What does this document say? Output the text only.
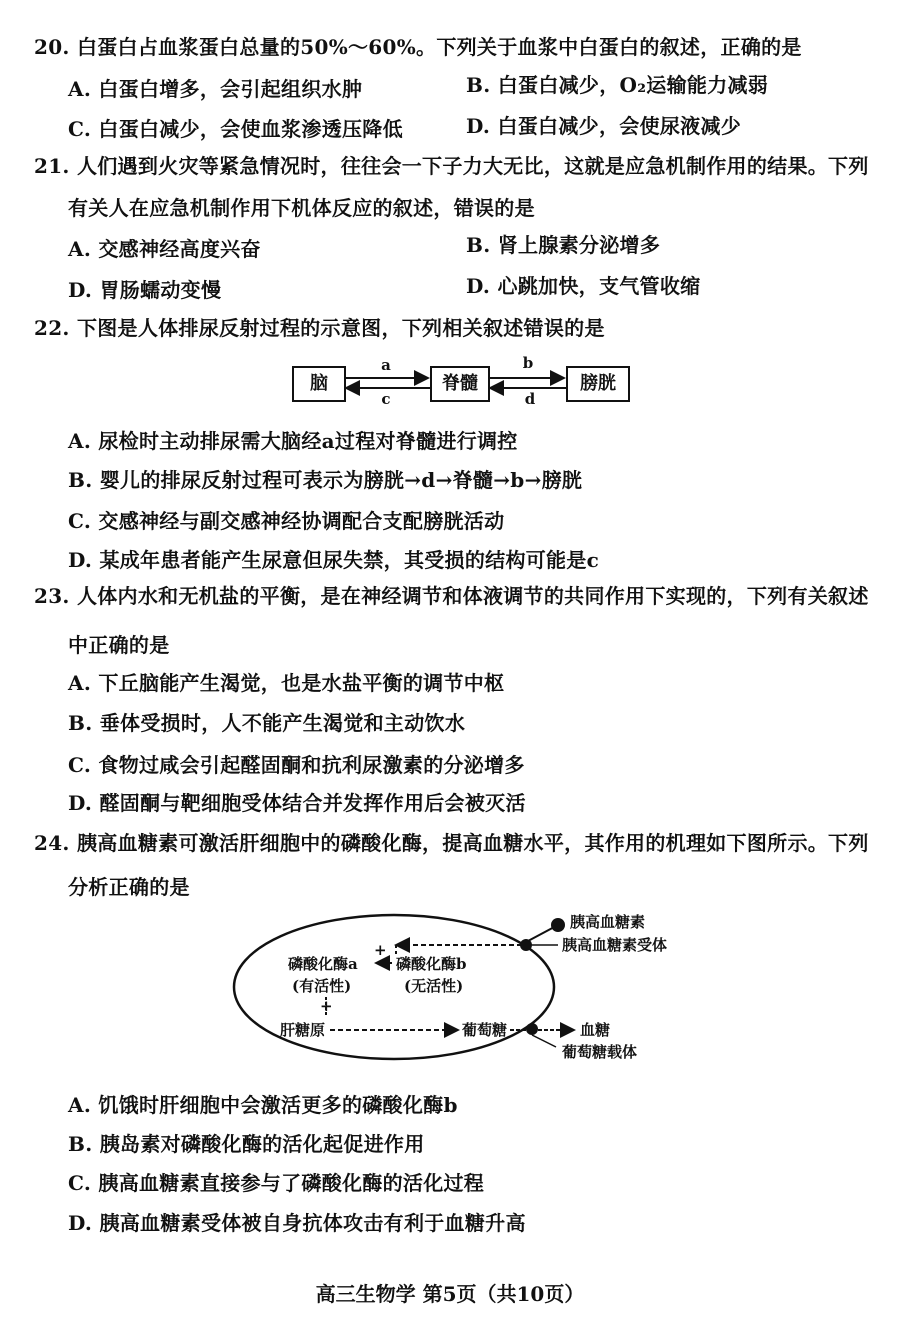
20. 白蛋白占血浆蛋白总量的50%～60%。下列关于血浆中白蛋白的叙述，正确的是
A. 白蛋白增多，会引起组织水肿	B. 白蛋白减少，O₂运输能力减弱
C. 白蛋白减少，会使血浆渗透压降低	D. 白蛋白减少，会使尿液减少
21. 人们遇到火灾等紧急情况时，往往会一下子力大无比，这就是应急机制作用的结果。下列
有关人在应急机制作用下机体反应的叙述，错误的是
A. 交感神经高度兴奋	B. 肾上腺素分泌增多
D. 胃肠蠕动变慢	D. 心跳加快，支气管收缩
22. 下图是人体排尿反射过程的示意图，下列相关叙述错误的是
a
c
b
d
脑	脊髓	膀胱
A. 尿检时主动排尿需大脑经a过程对脊髓进行调控
B. 婴儿的排尿反射过程可表示为膀胱→d→脊髓→b→膀胱
C. 交感神经与副交感神经协调配合支配膀胱活动
D. 某成年患者能产生尿意但尿失禁，其受损的结构可能是c
23. 人体内水和无机盐的平衡，是在神经调节和体液调节的共同作用下实现的，下列有关叙述
中正确的是
A. 下丘脑能产生渴觉，也是水盐平衡的调节中枢
B. 垂体受损时，人不能产生渴觉和主动饮水
C. 食物过咸会引起醛固酮和抗利尿激素的分泌增多
D. 醛固酮与靶细胞受体结合并发挥作用后会被灭活
24. 胰高血糖素可激活肝细胞中的磷酸化酶，提高血糖水平，其作用的机理如下图所示。下列
分析正确的是
+
磷酸化酶a
(有活性)
磷酸化酶b
(无活性)
+
肝糖原	葡萄糖	血糖
葡萄糖载体
胰高血糖素
胰高血糖素受体
A. 饥饿时肝细胞中会激活更多的磷酸化酶b
B. 胰岛素对磷酸化酶的活化起促进作用
C. 胰高血糖素直接参与了磷酸化酶的活化过程
D. 胰高血糖素受体被自身抗体攻击有利于血糖升高
高三生物学 第5页（共10页）
